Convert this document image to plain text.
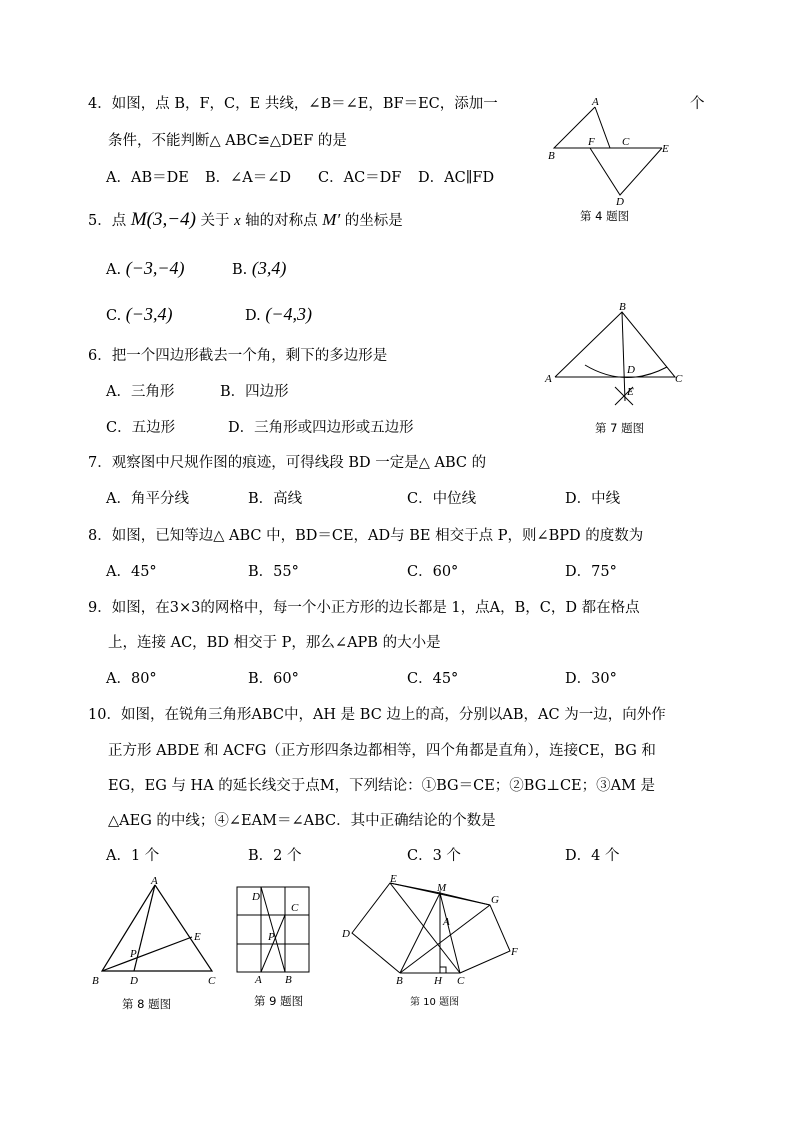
4．如图，点 B，F，C，E 共线，∠B＝∠E，BF＝EC，添加一	个
条件，不能判断△ ABC≌△DEF 的是
A．AB＝DE B．∠A＝∠D C．AC＝DF D．AC∥FD
A
B
F C
E
D
第 4 题图
5．点 M(3,−4) 关于 x 轴的对称点 M′ 的坐标是
A. (−3,−4)	B. (3,4)
C. (−3,4)	D. (−4,3)	B
A	C
D
E
第 7 题图
6．把一个四边形截去一个角，剩下的多边形是
A．三角形	B．四边形
C．五边形	D．三角形或四边形或五边形
7．观察图中尺规作图的痕迹，可得线段 BD 一定是△ ABC 的
A．角平分线	B．高线	C．中位线	D．中线
8．如图，已知等边△ ABC 中，BD＝CE，AD与 BE 相交于点 P，则∠BPD 的度数为
A．45°	B．55°	C．60°	D．75°
9．如图，在3×3的网格中，每一个小正方形的边长都是 1，点A，B，C，D 都在格点
上，连接 AC，BD 相交于 P，那么∠APB 的大小是
A．80°	B．60°	C．45°	D．30°
10．如图，在锐角三角形ABC中，AH 是 BC 边上的高，分别以AB，AC 为一边，向外作
正方形 ABDE 和 ACFG（正方形四条边都相等，四个角都是直角），连接CE，BG 和
EG，EG 与 HA 的延长线交于点M，下列结论：①BG＝CE；②BG⊥CE；③AM 是
△AEG 的中线；④∠EAM＝∠ABC．其中正确结论的个数是
A．1 个	B．2 个	C．3 个	D．4 个
A
B	D	C
E
P
第 8 题图
D
C
P
A B
第 9 题图
E
M
A
G
D
F
B	H C
第 10 题图
